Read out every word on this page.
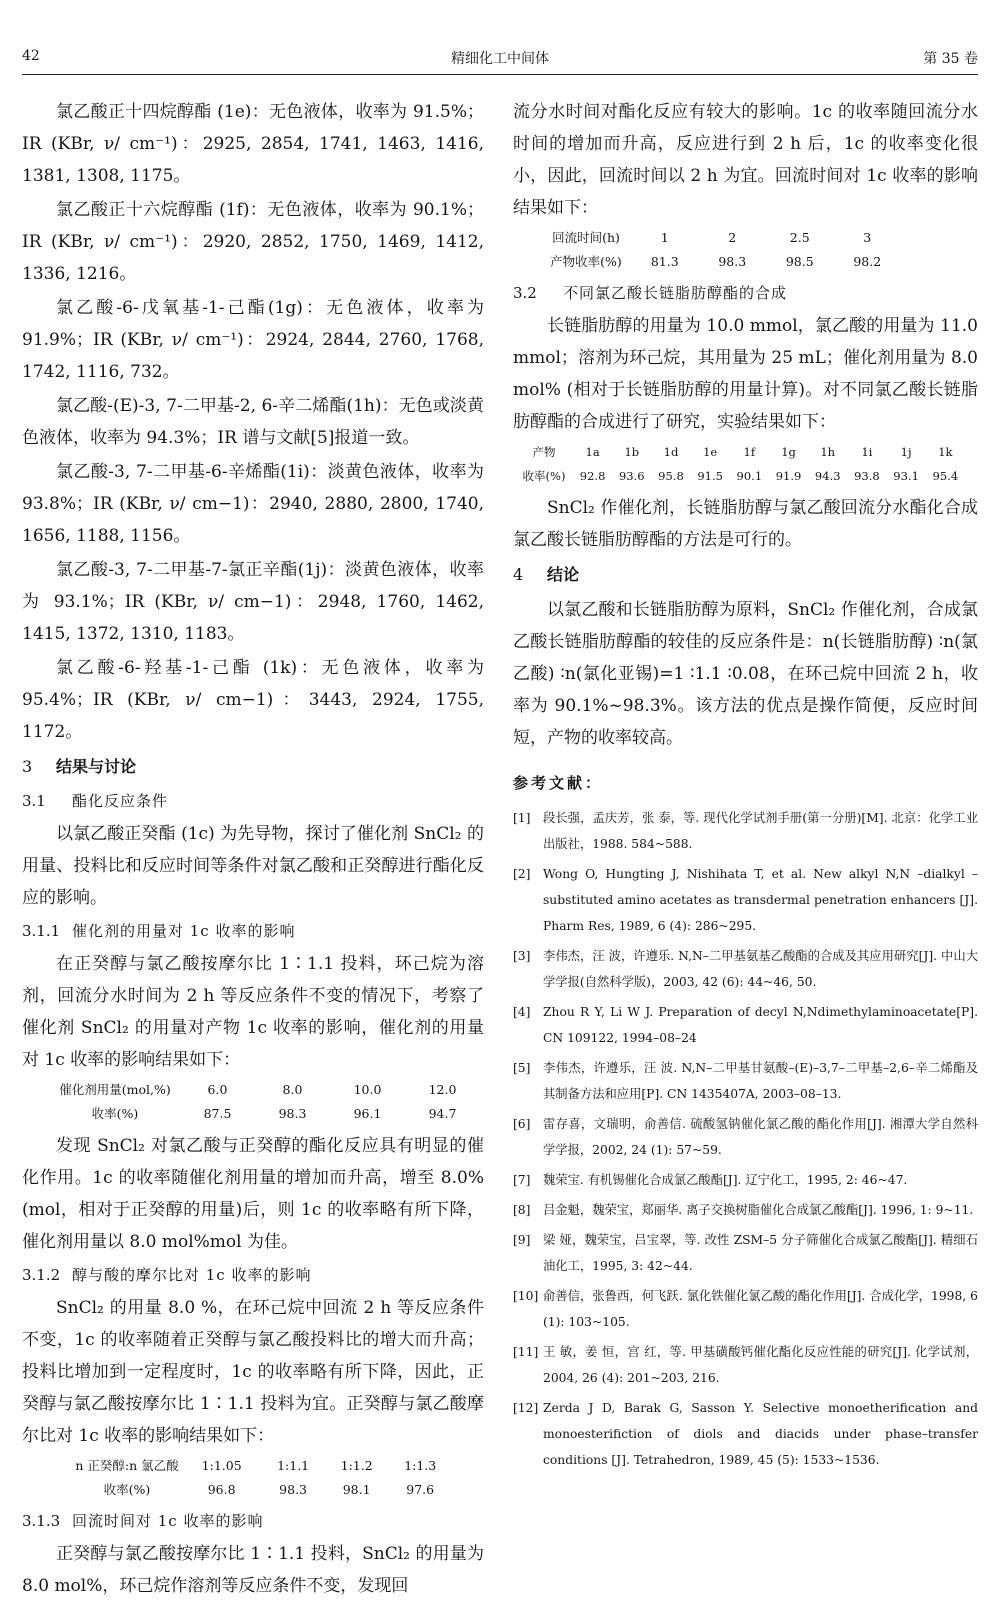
42	精细化工中间体	第 35 卷

氯乙酸正十四烷醇酯 (1e)：无色液体，收率为 91.5%；IR (KBr, ν/ cm⁻¹)：2925, 2854, 1741, 1463, 1416, 1381, 1308, 1175。

氯乙酸正十六烷醇酯 (1f)：无色液体，收率为 90.1%；IR (KBr, ν/ cm⁻¹)：2920, 2852, 1750, 1469, 1412, 1336, 1216。

氯乙酸-6-戊氧基-1-己酯(1g)：无色液体，收率为 91.9%；IR (KBr, ν/ cm⁻¹)：2924, 2844, 2760, 1768, 1742, 1116, 732。

氯乙酸-(E)-3, 7-二甲基-2, 6-辛二烯酯(1h)：无色或淡黄色液体，收率为 94.3%；IR 谱与文献[5]报道一致。

氯乙酸-3, 7-二甲基-6-辛烯酯(1i)：淡黄色液体，收率为 93.8%；IR (KBr, ν/ cm−1)：2940, 2880, 2800, 1740, 1656, 1188, 1156。

氯乙酸-3, 7-二甲基-7-氯正辛酯(1j)：淡黄色液体，收率为 93.1%；IR (KBr, ν/ cm−1)：2948, 1760, 1462, 1415, 1372, 1310, 1183。

氯乙酸-6-羟基-1-己酯 (1k)：无色液体，收率为 95.4%；IR (KBr, ν/ cm−1)：3443, 2924, 1755, 1172。

3 结果与讨论
3.1 酯化反应条件

以氯乙酸正癸酯 (1c) 为先导物，探讨了催化剂 SnCl₂ 的用量、投料比和反应时间等条件对氯乙酸和正癸醇进行酯化反应的影响。

3.1.1 催化剂的用量对 1c 收率的影响

在正癸醇与氯乙酸按摩尔比 1∶1.1 投料，环己烷为溶剂，回流分水时间为 2 h 等反应条件不变的情况下，考察了催化剂 SnCl₂ 的用量对产物 1c 收率的影响，催化剂的用量对 1c 收率的影响结果如下：

催化剂用量(mol,%)	6.0	8.0	10.0	12.0
收率(%)	87.5	98.3	96.1	94.7

发现 SnCl₂ 对氯乙酸与正癸醇的酯化反应具有明显的催化作用。1c 的收率随催化剂用量的增加而升高，增至 8.0% (mol，相对于正癸醇的用量)后，则 1c 的收率略有所下降，催化剂用量以 8.0 mol%mol 为佳。

3.1.2 醇与酸的摩尔比对 1c 收率的影响

SnCl₂ 的用量 8.0 %，在环己烷中回流 2 h 等反应条件不变，1c 的收率随着正癸醇与氯乙酸投料比的增大而升高；投料比增加到一定程度时，1c 的收率略有所下降，因此，正癸醇与氯乙酸按摩尔比 1∶1.1 投料为宜。正癸醇与氯乙酸摩尔比对 1c 收率的影响结果如下：

n 正癸醇:n 氯乙酸	1:1.05	1:1.1	1:1.2	1:1.3
收率(%)	96.8	98.3	98.1	97.6
3.1.3 回流时间对 1c 收率的影响

正癸醇与氯乙酸按摩尔比 1∶1.1 投料，SnCl₂ 的用量为 8.0 mol%，环己烷作溶剂等反应条件不变，发现回

流分水时间对酯化反应有较大的影响。1c 的收率随回流分水时间的增加而升高，反应进行到 2 h 后，1c 的收率变化很小，因此，回流时间以 2 h 为宜。回流时间对 1c 收率的影响结果如下：

回流时间(h)	1	2	2.5	3
产物收率(%)	81.3	98.3	98.5	98.2
3.2 不同氯乙酸长链脂肪醇酯的合成

长链脂肪醇的用量为 10.0 mmol，氯乙酸的用量为 11.0 mmol；溶剂为环己烷，其用量为 25 mL；催化剂用量为 8.0 mol% (相对于长链脂肪醇的用量计算)。对不同氯乙酸长链脂肪醇酯的合成进行了研究，实验结果如下：

产物	1a	1b	1d	1e	1f	1g	1h	1i	1j	1k
收率(%)	92.8	93.6	95.8	91.5	90.1	91.9	94.3	93.8	93.1	95.4

SnCl₂ 作催化剂，长链脂肪醇与氯乙酸回流分水酯化合成氯乙酸长链脂肪醇酯的方法是可行的。

4 结论

以氯乙酸和长链脂肪醇为原料，SnCl₂ 作催化剂，合成氯乙酸长链脂肪醇酯的较佳的反应条件是：n(长链脂肪醇) ∶n(氯乙酸) ∶n(氯化亚锡)=1 ∶1.1 ∶0.08，在环己烷中回流 2 h，收率为 90.1%~98.3%。该方法的优点是操作简便，反应时间短，产物的收率较高。

参考文献：
[1] 段长强，孟庆芳，张 泰，等. 现代化学试剂手册(第一分册)[M]. 北京：化学工业出版社，1988. 584~588.
[2] Wong O, Hungting J, Nishihata T, et al. New alkyl N,N –dialkyl –substituted amino acetates as transdermal penetration enhancers [J]. Pharm Res, 1989, 6 (4): 286~295.
[3] 李伟杰，汪 波，许遵乐. N,N–二甲基氨基乙酸酯的合成及其应用研究[J]. 中山大学学报(自然科学版)，2003, 42 (6): 44~46, 50.
[4] Zhou R Y, Li W J. Preparation of decyl N,Ndimethylaminoacetate[P]. CN 109122, 1994–08–24
[5] 李伟杰，许遵乐，汪 波. N,N–二甲基甘氨酸–(E)–3,7–二甲基–2,6–辛二烯酯及其制备方法和应用[P]. CN 1435407A, 2003–08–13.
[6] 雷存喜，文瑞明，俞善信. 硫酸氢钠催化氯乙酸的酯化作用[J]. 湘潭大学自然科学学报，2002, 24 (1): 57~59.
[7] 魏荣宝. 有机锡催化合成氯乙酸酯[J]. 辽宁化工，1995, 2: 46~47.
[8] 吕金魁，魏荣宝，郑丽华. 离子交换树脂催化合成氯乙酸酯[J]. 1996, 1: 9~11.
[9] 梁 娅，魏荣宝，吕宝翠，等. 改性 ZSM–5 分子筛催化合成氯乙酸酯[J]. 精细石油化工，1995, 3: 42~44.
[10] 俞善信，张鲁西，何飞跃. 氯化铁催化氯乙酸的酯化作用[J]. 合成化学，1998, 6 (1): 103~105.
[11] 王 敏，姜 恒，宫 红，等. 甲基磺酸钙催化酯化反应性能的研究[J]. 化学试剂，2004, 26 (4): 201~203, 216.
[12] Zerda J D, Barak G, Sasson Y. Selective monoetherification and monoesterifiction of diols and diacids under phase–transfer conditions [J]. Tetrahedron, 1989, 45 (5): 1533~1536.
